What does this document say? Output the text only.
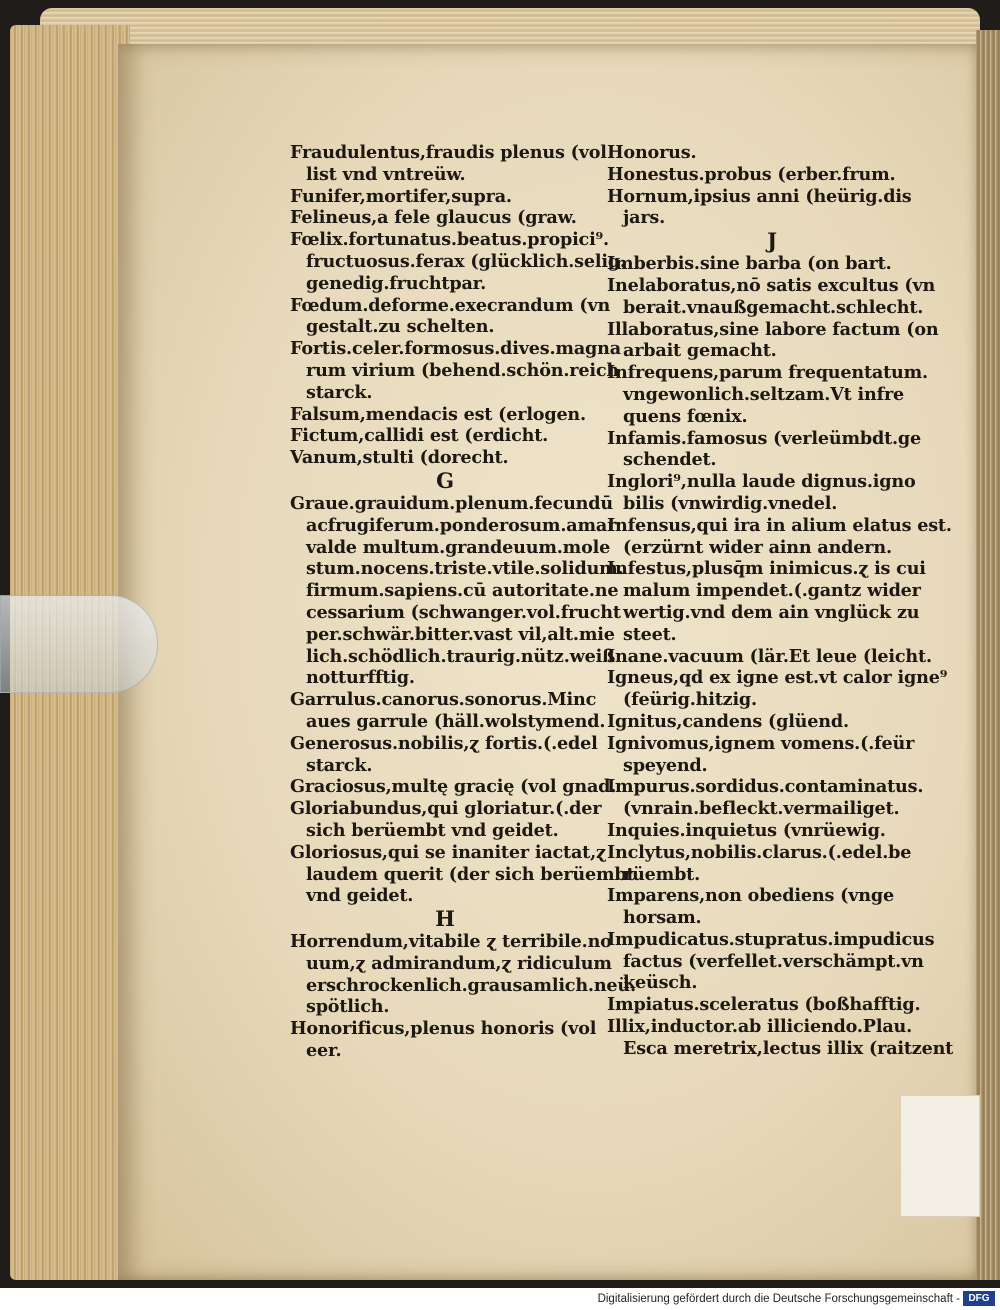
Fraudulentus,fraudis plenus (vol
list vnd vntreüw.
Funifer,mortifer,supra.
Felineus,a fele glaucus (graw.
Fœlix.fortunatus.beatus.propici⁹.
fructuosus.ferax (glücklich.selig.
genedig.fruchtpar.
Fœdum.deforme.execrandum (vn
gestalt.zu schelten.
Fortis.celer.formosus.dives.magna
rum virium (behend.schön.reich
starck.
Falsum,mendacis est (erlogen.
Fictum,callidi est (erdicht.
Vanum,stulti (dorecht.
G
Graue.grauidum.plenum.fecundū
acfrugiferum.ponderosum.amar
valde multum.grandeuum.mole
stum.nocens.triste.vtile.solidum.
firmum.sapiens.cū autoritate.ne
cessarium (schwanger.vol.frucht
per.schwär.bitter.vast vil,alt.mie
lich.schödlich.traurig.nütz.weiß
notturfftig.
Garrulus.canorus.sonorus.Minc
aues garrule (häll.wolstymend.
Generosus.nobilis,ɀ fortis.(.edel
starck.
Graciosus,multę gracię (vol gnad.
Gloriabundus,qui gloriatur.(.der
sich berüembt vnd geidet.
Gloriosus,qui se inaniter iactat,ɀ
laudem querit (der sich berüembt
vnd geidet.
H
Horrendum,vitabile ɀ terribile.no
uum,ɀ admirandum,ɀ ridiculum
erschrockenlich.grausamlich.neü.
spötlich.
Honorificus,plenus honoris (vol
eer.
Honorus.
Honestus.probus (erber.frum.
Hornum,ipsius anni (heürig.dis
jars.
J
Imberbis.sine barba (on bart.
Inelaboratus,nō satis excultus (vn
berait.vnaußgemacht.schlecht.
Illaboratus,sine labore factum (on
arbait gemacht.
Infrequens,parum frequentatum.
vngewonlich.seltzam.Vt infre
quens fœnix.
Infamis.famosus (verleümbdt.ge
schendet.
Inglori⁹,nulla laude dignus.igno
bilis (vnwirdig.vnedel.
Infensus,qui ira in alium elatus est.
(erzürnt wider ainn andern.
Infestus,plusq̄m inimicus.ɀ is cui
malum impendet.(.gantz wider
wertig.vnd dem ain vnglück zu
steet.
Inane.vacuum (lär.Et leue (leicht.
Igneus,qd ex igne est.vt calor igne⁹
(feürig.hitzig.
Ignitus,candens (glüend.
Ignivomus,ignem vomens.(.feür
speyend.
Impurus.sordidus.contaminatus.
(vnrain.befleckt.vermailiget.
Inquies.inquietus (vnrüewig.
Inclytus,nobilis.clarus.(.edel.be
rüembt.
Imparens,non obediens (vnge
horsam.
Impudicatus.stupratus.impudicus
factus (verfellet.verschämpt.vn
keüsch.
Impiatus.sceleratus (boßhafftig.
Illix,inductor.ab illiciendo.Plau.
Esca meretrix,lectus illix (raitzent
Digitalisierung gefördert durch die Deutsche Forschungsgemeinschaft - DFG
